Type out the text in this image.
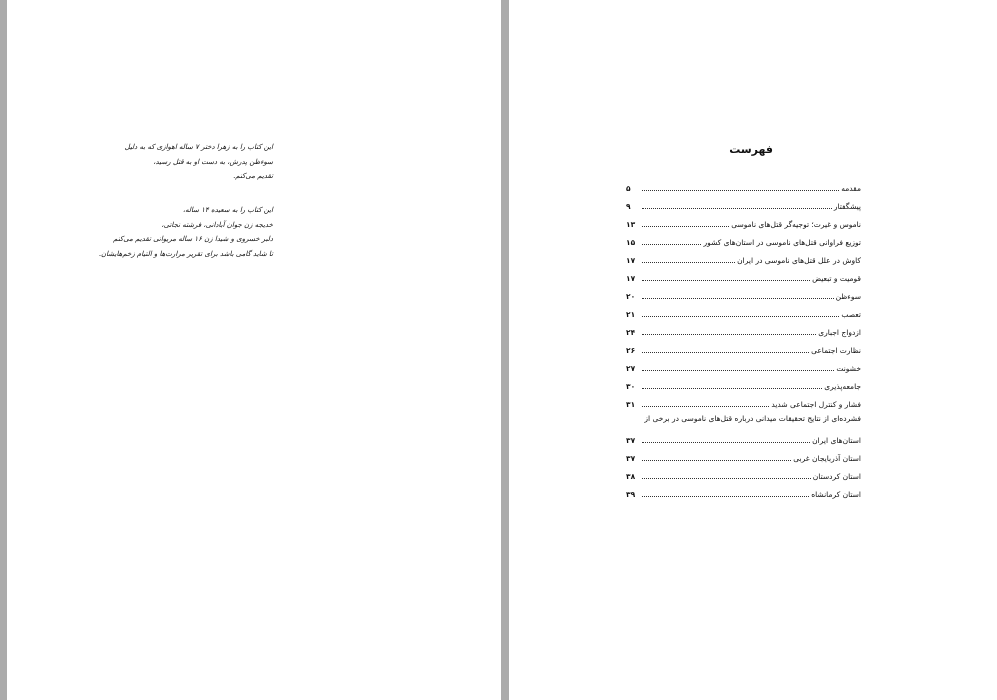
این کتاب را به زهرا دختر ۷ ساله اهوازی که به دلیل
سوءظن پدرش، به دست او به قتل رسید،
تقدیم می‌کنم.
این کتاب را به سعیده ۱۴ ساله،
خدیجه زن جوان آبادانی، فرشته نجاتی،
دلبر خسروی و شیدا زن ۱۶ ساله مریوانی تقدیم می‌کنم
تا شاید گامی باشد برای تقریر مرارت‌ها و التیام زخم‌هایشان.
فهرست
مقدمه
۵
پیشگفتار
۹
ناموس و غیرت؛ توجیه‌گر قتل‌های ناموسی
۱۳
توزیع فراوانی قتل‌های ناموسی در استان‌های کشور
۱۵
کاوش در علل قتل‌های ناموسی در ایران
۱۷
قومیت و تبعیض
۱۷
سوءظن
۲۰
تعصب
۲۱
ازدواج اجباری
۲۴
نظارت اجتماعی
۲۶
خشونت
۲۷
جامعه‌پذیری
۳۰
فشار و کنترل اجتماعی شدید
۳۱
فشرده‌ای از نتایج تحقیقات میدانی درباره قتل‌های ناموسی در برخی از
استان‌های ایران
۳۷
استان آذربایجان غربی
۳۷
استان کردستان
۳۸
استان کرمانشاه
۳۹
